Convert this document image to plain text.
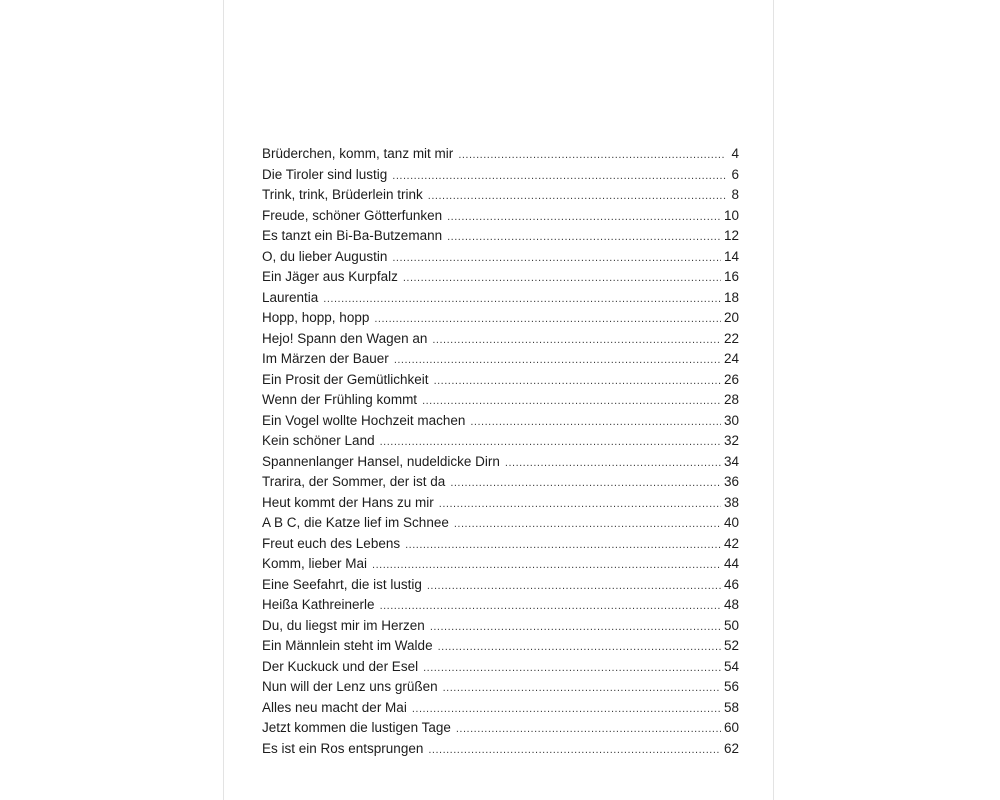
Brüderchen, komm, tanz mit mir .....	4
Die Tiroler sind lustig .....	6
Trink, trink, Brüderlein trink .....	8
Freude, schöner Götterfunken .....	10
Es tanzt ein Bi-Ba-Butzemann .....	12
O, du lieber Augustin .....	14
Ein Jäger aus Kurpfalz .....	16
Laurentia .....	18
Hopp, hopp, hopp .....	20
Hejo! Spann den Wagen an .....	22
Im Märzen der Bauer .....	24
Ein Prosit der Gemütlichkeit .....	26
Wenn der Frühling kommt .....	28
Ein Vogel wollte Hochzeit machen .....	30
Kein schöner Land .....	32
Spannenlanger Hansel, nudeldicke Dirn .....	34
Trarira, der Sommer, der ist da .....	36
Heut kommt der Hans zu mir .....	38
A B C, die Katze lief im Schnee .....	40
Freut euch des Lebens .....	42
Komm, lieber Mai .....	44
Eine Seefahrt, die ist lustig .....	46
Heißa Kathreinerle .....	48
Du, du liegst mir im Herzen .....	50
Ein Männlein steht im Walde .....	52
Der Kuckuck und der Esel .....	54
Nun will der Lenz uns grüßen .....	56
Alles neu macht der Mai .....	58
Jetzt kommen die lustigen Tage .....	60
Es ist ein Ros entsprungen .....	62
